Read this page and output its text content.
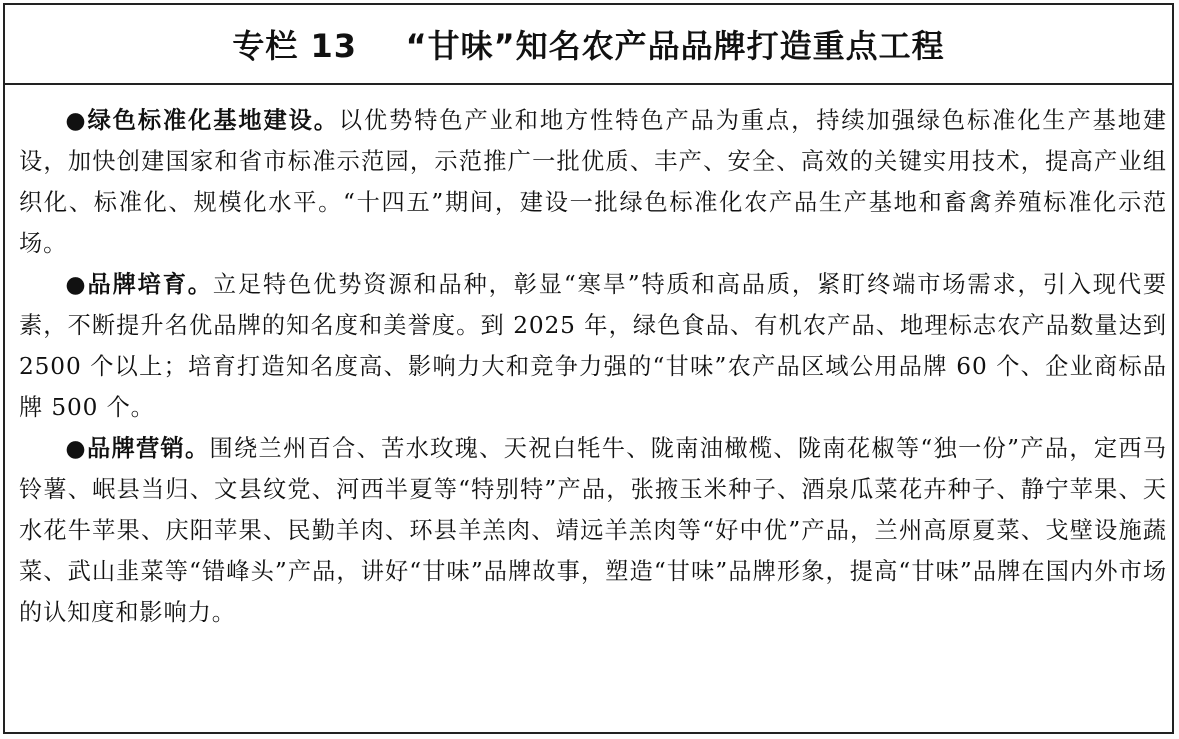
专栏 13    “甘味”知名农产品品牌打造重点工程

●绿色标准化基地建设。以优势特色产业和地方性特色产品为重点，持续加强绿色标准化生产基地建设，加快创建国家和省市标准示范园，示范推广一批优质、丰产、安全、高效的关键实用技术，提高产业组织化、标准化、规模化水平。“十四五”期间，建设一批绿色标准化农产品生产基地和畜禽养殖标准化示范场。

●品牌培育。立足特色优势资源和品种，彰显“寒旱”特质和高品质，紧盯终端市场需求，引入现代要素，不断提升名优品牌的知名度和美誉度。到 2025 年，绿色食品、有机农产品、地理标志农产品数量达到 2500 个以上；培育打造知名度高、影响力大和竞争力强的“甘味”农产品区域公用品牌 60 个、企业商标品牌 500 个。

●品牌营销。围绕兰州百合、苦水玫瑰、天祝白牦牛、陇南油橄榄、陇南花椒等“独一份”产品，定西马铃薯、岷县当归、文县纹党、河西半夏等“特别特”产品，张掖玉米种子、酒泉瓜菜花卉种子、静宁苹果、天水花牛苹果、庆阳苹果、民勤羊肉、环县羊羔肉、靖远羊羔肉等“好中优”产品，兰州高原夏菜、戈壁设施蔬菜、武山韭菜等“错峰头”产品，讲好“甘味”品牌故事，塑造“甘味”品牌形象，提高“甘味”品牌在国内外市场的认知度和影响力。
